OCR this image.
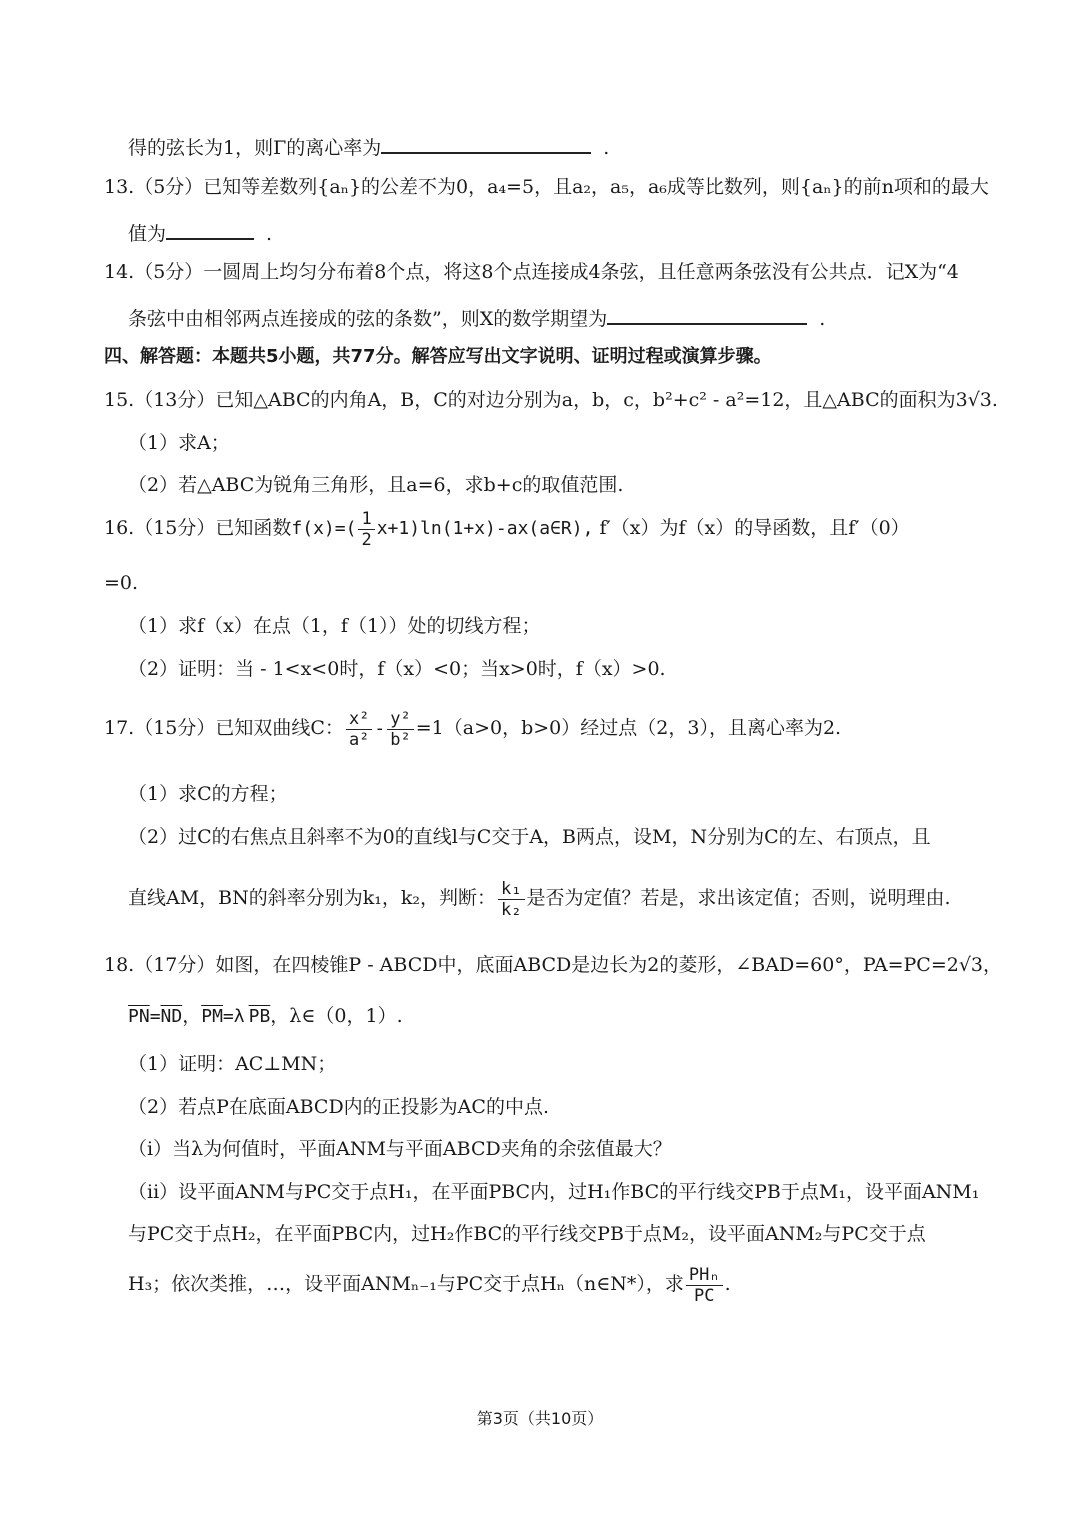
得的弦长为1，则Γ的离心率为	.
13.（5分）已知等差数列{aₙ}的公差不为0，a₄=5，且a₂，a₅，a₆成等比数列，则{aₙ}的前n项和的最大
值为	.
14.（5分）一圆周上均匀分布着8个点，将这8个点连接成4条弦，且任意两条弦没有公共点．记X为“4
条弦中由相邻两点连接成的弦的条数”，则X的数学期望为	.
四、解答题：本题共5小题，共77分。解答应写出文字说明、证明过程或演算步骤。
15.（13分）已知△ABC的内角A，B，C的对边分别为a，b，c，b²+c² - a²=12，且△ABC的面积为3√3.
（1）求A；
（2）若△ABC为锐角三角形，且a=6，求b+c的取值范围.
16.（15分）已知函数$f(x)=( \frac{1}{2}$ x+1)ln(1+x)-ax(a∈R), f′（x）为f（x）的导函数，且f′（0）
=0.
（1）求f（x）在点（1，f（1））处的切线方程；
（2）证明：当 - 1<x<0时，f（x）<0；当x>0时，f（x）>0.
17.（15分）已知双曲线C： $\frac{\text{x²}}{\text{a²}} - \frac{\text{y²}}{\text{b²}} =1(a>0$，b>0）经过点（2，3），且离心率为2.
（1）求C的方程；
（2）过C的右焦点且斜率不为0的直线l与C交于A，B两点，设M，N分别为C的左、右顶点，且
直线AM，BN的斜率分别为k₁，k₂，判断： $\frac{\text{k₁}}{\text{k₂}}$ 是否为定值？若是，求出该定值；否则，说明理由.
18.（17分）如图，在四棱锥P - ABCD中，底面ABCD是边长为2的菱形，∠BAD=60°，PA=PC=2√3，
$\overline{PN}=\overline{ND}$，$\overline{PM}=\lambda$ $\overline{PB}$，λ∈（0，1）.
（1）证明：AC⊥MN；
（2）若点P在底面ABCD内的正投影为AC的中点.
（i）当λ为何值时，平面ANM与平面ABCD夹角的余弦值最大？
（ii）设平面ANM与PC交于点H₁，在平面PBC内，过H₁作BC的平行线交PB于点M₁，设平面ANM₁
与PC交于点H₂，在平面PBC内，过H₂作BC的平行线交PB于点M₂，设平面ANM₂与PC交于点
H₃；依次类推，…，设平面ANMₙ₋₁与PC交于点Hₙ（n∈N*），求 $\frac{\text{PHₙ}}{PC}$ .
第3页（共10页）
